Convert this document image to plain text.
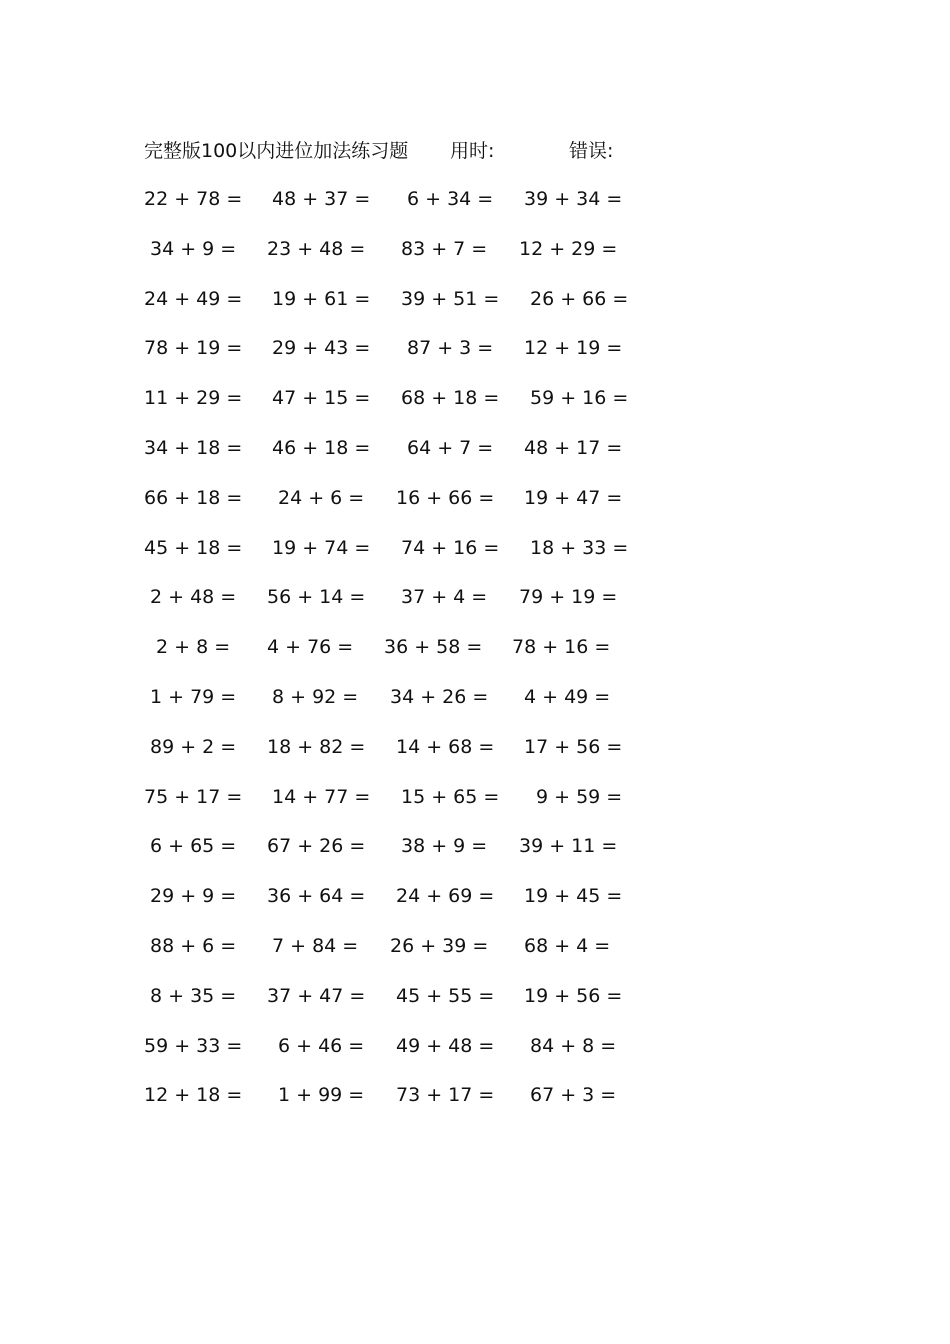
完整版100以内进位加法练习题 用时:	错误:
22 + 78 =	48 + 37 =	6 + 34 =	39 + 34 =
34 + 9 =	23 + 48 =	83 + 7 =	12 + 29 =
24 + 49 =	19 + 61 =	39 + 51 =	26 + 66 =
78 + 19 =	29 + 43 =	87 + 3 =	12 + 19 =
11 + 29 =	47 + 15 =	68 + 18 =	59 + 16 =
34 + 18 =	46 + 18 =	64 + 7 =	48 + 17 =
66 + 18 =	24 + 6 =	16 + 66 =	19 + 47 =
45 + 18 =	19 + 74 =	74 + 16 =	18 + 33 =
2 + 48 =	56 + 14 =	37 + 4 =	79 + 19 =
2 + 8 =	4 + 76 =	36 + 58 =	78 + 16 =
1 + 79 =	8 + 92 =	34 + 26 =	4 + 49 =
89 + 2 =	18 + 82 =	14 + 68 =	17 + 56 =
75 + 17 =	14 + 77 =	15 + 65 =	9 + 59 =
6 + 65 =	67 + 26 =	38 + 9 =	39 + 11 =
29 + 9 =	36 + 64 =	24 + 69 =	19 + 45 =
88 + 6 =	7 + 84 =	26 + 39 =	68 + 4 =
8 + 35 =	37 + 47 =	45 + 55 =	19 + 56 =
59 + 33 =	6 + 46 =	49 + 48 =	84 + 8 =
12 + 18 =	1 + 99 =	73 + 17 =	67 + 3 =
